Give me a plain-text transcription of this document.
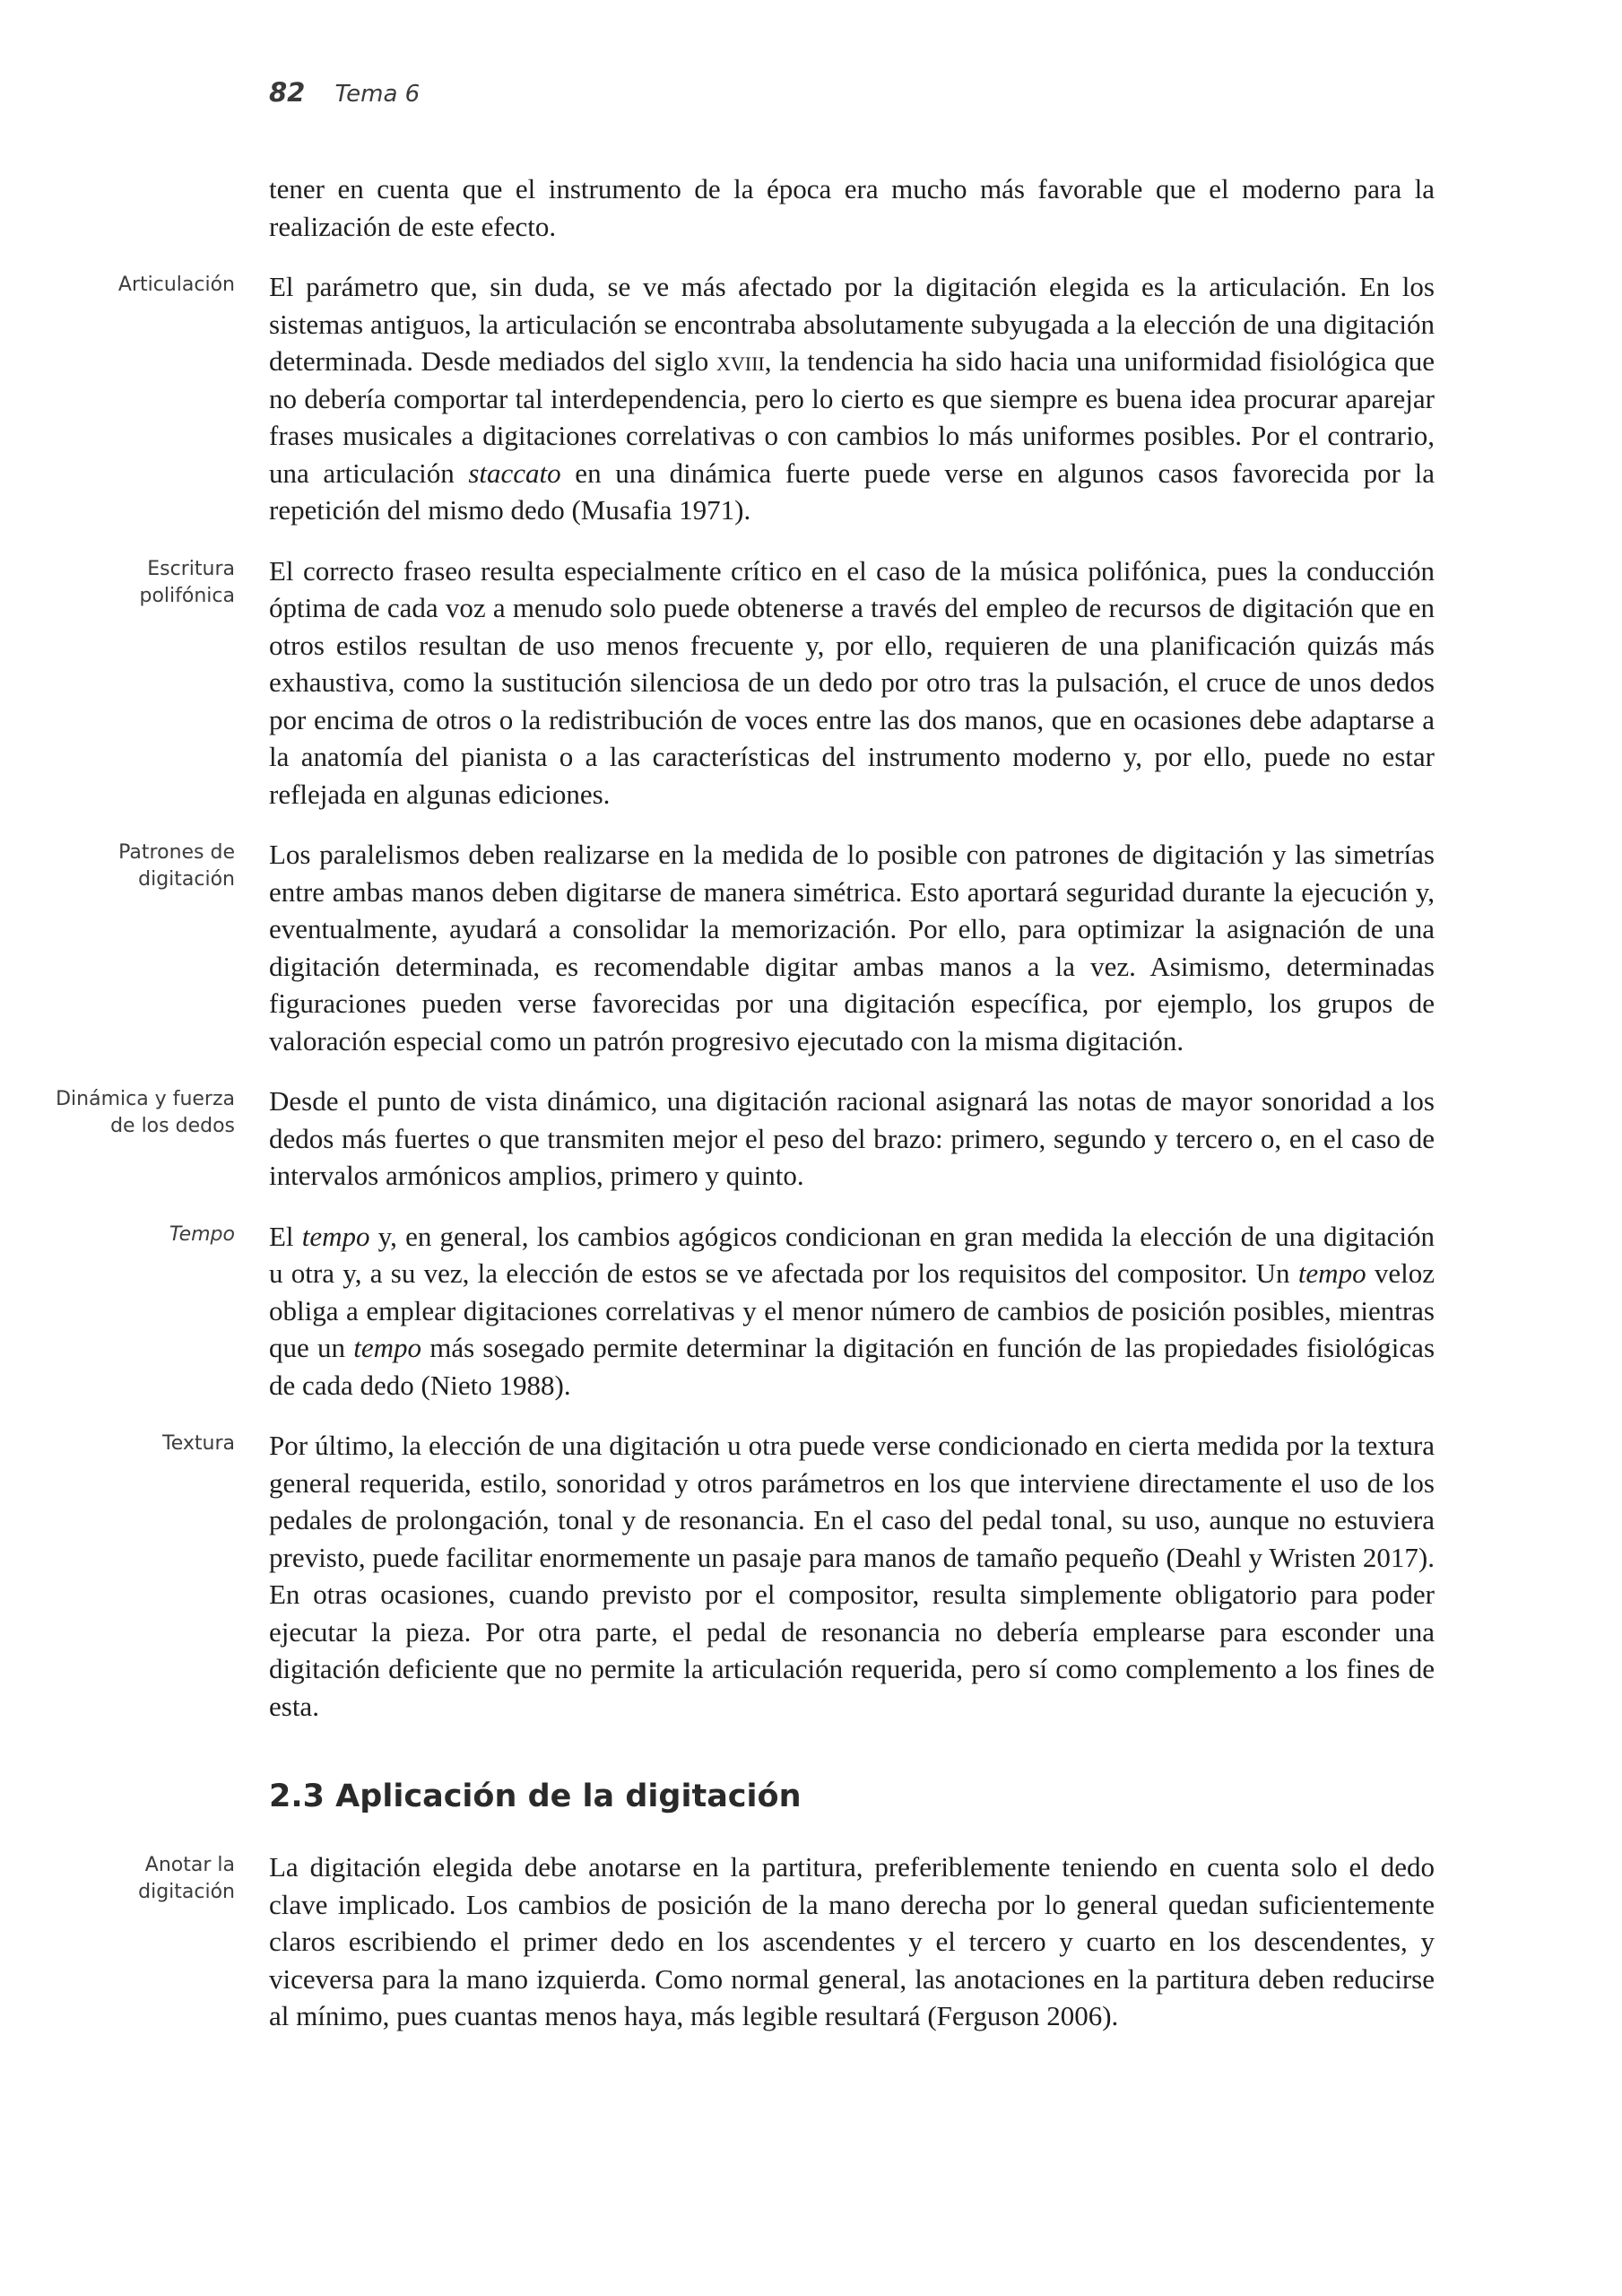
82 Tema 6

tener en cuenta que el instrumento de la época era mucho más favorable que el moderno para la realización de este efecto.

Articulación El parámetro que, sin duda, se ve más afectado por la digitación elegida es la articulación. En los sistemas antiguos, la articulación se encontraba absolutamente subyugada a la elección de una digitación determinada. Desde mediados del siglo xviii, la tendencia ha sido hacia una uniformidad fisiológica que no debería comportar tal interdependencia, pero lo cierto es que siempre es buena idea procurar aparejar frases musicales a digitaciones correlativas o con cambios lo más uniformes posibles. Por el contrario, una articulación staccato en una dinámica fuerte puede verse en algunos casos favorecida por la repetición del mismo dedo (Musafia 1971).

Escritura
polifónica

El correcto fraseo resulta especialmente crítico en el caso de la música polifónica, pues la conducción óptima de cada voz a menudo solo puede obtenerse a través del empleo de recursos de digitación que en otros estilos resultan de uso menos frecuente y, por ello, requieren de una planificación quizás más exhaustiva, como la sustitución silenciosa de un dedo por otro tras la pulsación, el cruce de unos dedos por encima de otros o la redistribución de voces entre las dos manos, que en ocasiones debe adaptarse a la anatomía del pianista o a las características del instrumento moderno y, por ello, puede no estar reflejada en algunas ediciones.

Patrones de
digitación

Los paralelismos deben realizarse en la medida de lo posible con patrones de digitación y las simetrías entre ambas manos deben digitarse de manera simétrica. Esto aportará seguridad durante la ejecución y, eventualmente, ayudará a consolidar la memorización. Por ello, para optimizar la asignación de una digitación determinada, es recomendable digitar ambas manos a la vez. Asimismo, determinadas figuraciones pueden verse favorecidas por una digitación específica, por ejemplo, los grupos de valoración especial como un patrón progresivo ejecutado con la misma digitación.

Dinámica y fuerza
de los dedos

Desde el punto de vista dinámico, una digitación racional asignará las notas de mayor sonoridad a los dedos más fuertes o que transmiten mejor el peso del brazo: primero, segundo y tercero o, en el caso de intervalos armónicos amplios, primero y quinto.

Tempo El tempo y, en general, los cambios agógicos condicionan en gran medida la elección de una digitación u otra y, a su vez, la elección de estos se ve afectada por los requisitos del compositor. Un tempo veloz obliga a emplear digitaciones correlativas y el menor número de cambios de posición posibles, mientras que un tempo más sosegado permite determinar la digitación en función de las propiedades fisiológicas de cada dedo (Nieto 1988).

Textura Por último, la elección de una digitación u otra puede verse condicionado en cierta medida por la textura general requerida, estilo, sonoridad y otros parámetros en los que interviene directamente el uso de los pedales de prolongación, tonal y de resonancia. En el caso del pedal tonal, su uso, aunque no estuviera previsto, puede facilitar enormemente un pasaje para manos de tamaño pequeño (Deahl y Wristen 2017). En otras ocasiones, cuando previsto por el compositor, resulta simplemente obligatorio para poder ejecutar la pieza. Por otra parte, el pedal de resonancia no debería emplearse para esconder una digitación deficiente que no permite la articulación requerida, pero sí como complemento a los fines de esta.

2.3 Aplicación de la digitación
Anotar la
digitación

La digitación elegida debe anotarse en la partitura, preferiblemente teniendo en cuenta solo el dedo clave implicado. Los cambios de posición de la mano derecha por lo general quedan suficientemente claros escribiendo el primer dedo en los ascendentes y el tercero y cuarto en los descendentes, y viceversa para la mano izquierda. Como normal general, las anotaciones en la partitura deben reducirse al mínimo, pues cuantas menos haya, más legible resultará (Ferguson 2006).
